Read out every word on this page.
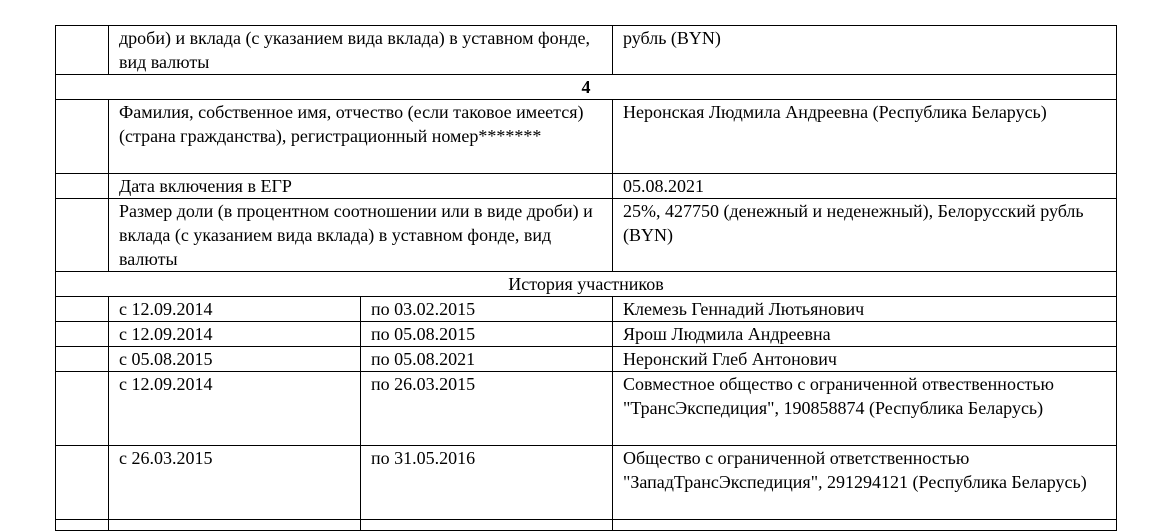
	дроби) и вклада (с указанием вида вклада) в уставном фонде, вид валюты		рубль (BYN)
4			
	Фамилия, собственное имя, отчество (если таковое имеется) (страна гражданства), регистрационный номер*******		Неронская Людмила Андреевна (Республика Беларусь)
	Дата включения в ЕГР		05.08.2021
	Размер доли (в процентном соотношении или в виде дроби) и вклада (с указанием вида вклада) в уставном фонде, вид валюты		25%, 427750 (денежный и неденежный), Белорусский рубль (BYN)
История участников			
	с 12.09.2014	по 03.02.2015	Клемезь Геннадий Лютьянович
	с 12.09.2014	по 05.08.2015	Ярош Людмила Андреевна
	с 05.08.2015	по 05.08.2021	Неронский Глеб Антонович
	с 12.09.2014	по 26.03.2015	Совместное общество с ограниченной отвественностью "ТрансЭкспедиция", 190858874 (Республика Беларусь)
	с 26.03.2015	по 31.05.2016	Общество с ограниченной ответственностью "ЗападТрансЭкспедиция", 291294121 (Республика Беларусь)
